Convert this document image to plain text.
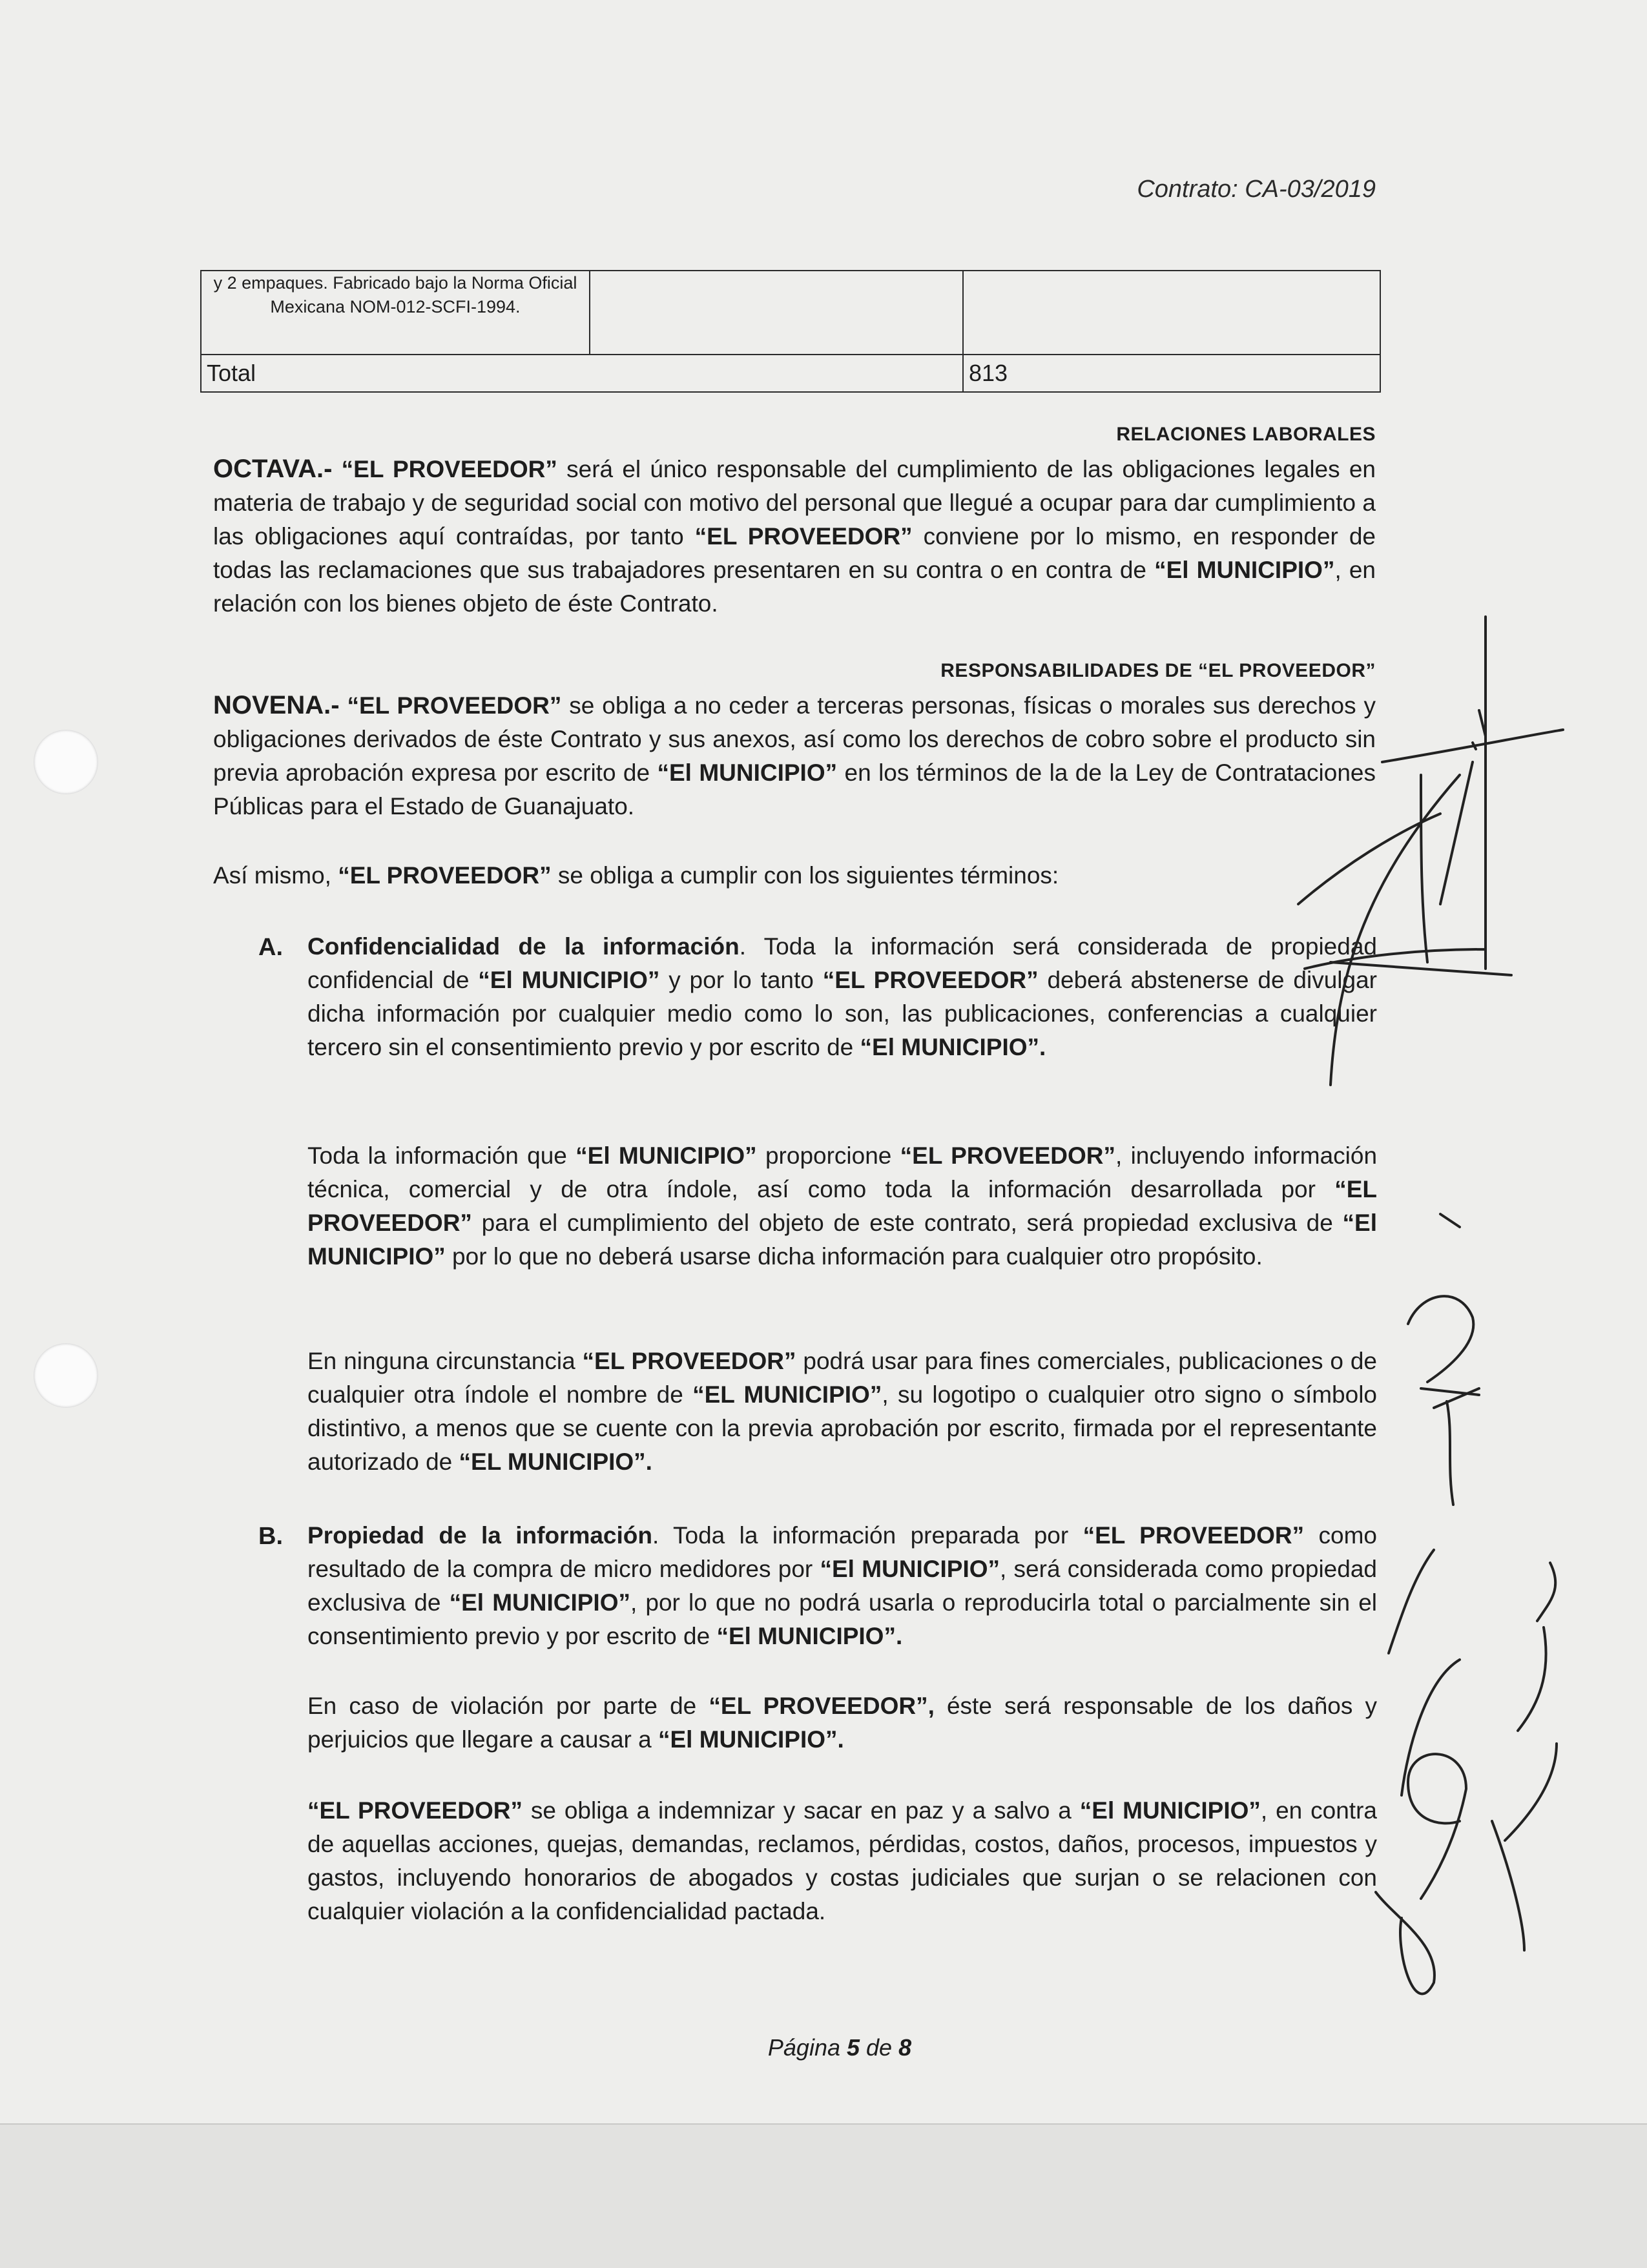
Contrato: CA-03/2019
y 2 empaques. Fabricado bajo la Norma Oficial Mexicana NOM-012-SCFI-1994.		
Total		813
RELACIONES LABORALES

OCTAVA.- “EL PROVEEDOR” será el único responsable del cumplimiento de las obligaciones legales en materia de trabajo y de seguridad social con motivo del personal que llegué a ocupar para dar cumplimiento a las obligaciones aquí contraídas, por tanto “EL PROVEEDOR” conviene por lo mismo, en responder de todas las reclamaciones que sus trabajadores presentaren en su contra o en contra de “El MUNICIPIO”, en relación con los bienes objeto de éste Contrato.

RESPONSABILIDADES DE “EL PROVEEDOR”

NOVENA.- “EL PROVEEDOR” se obliga a no ceder a terceras personas, físicas o morales sus derechos y obligaciones derivados de éste Contrato y sus anexos, así como los derechos de cobro sobre el producto sin previa aprobación expresa por escrito de “El MUNICIPIO” en los términos de la de la Ley de Contrataciones Públicas para el Estado de Guanajuato.

Así mismo, “EL PROVEEDOR” se obliga a cumplir con los siguientes términos:

A. Confidencialidad de la información. Toda la información será considerada de propiedad confidencial de “El MUNICIPIO” y por lo tanto “EL PROVEEDOR” deberá abstenerse de divulgar dicha información por cualquier medio como lo son, las publicaciones, conferencias a cualquier tercero sin el consentimiento previo y por escrito de “El MUNICIPIO”.

Toda la información que “El MUNICIPIO” proporcione “EL PROVEEDOR”, incluyendo información técnica, comercial y de otra índole, así como toda la información desarrollada por “EL PROVEEDOR” para el cumplimiento del objeto de este contrato, será propiedad exclusiva de “El MUNICIPIO” por lo que no deberá usarse dicha información para cualquier otro propósito.

En ninguna circunstancia “EL PROVEEDOR” podrá usar para fines comerciales, publicaciones o de cualquier otra índole el nombre de “EL MUNICIPIO”, su logotipo o cualquier otro signo o símbolo distintivo, a menos que se cuente con la previa aprobación por escrito, firmada por el representante autorizado de “EL MUNICIPIO”.

B. Propiedad de la información. Toda la información preparada por “EL PROVEEDOR” como resultado de la compra de micro medidores por “El MUNICIPIO”, será considerada como propiedad exclusiva de “El MUNICIPIO”, por lo que no podrá usarla o reproducirla total o parcialmente sin el consentimiento previo y por escrito de “El MUNICIPIO”.

En caso de violación por parte de “EL PROVEEDOR”, éste será responsable de los daños y perjuicios que llegare a causar a “El MUNICIPIO”.

“EL PROVEEDOR” se obliga a indemnizar y sacar en paz y a salvo a “El MUNICIPIO”, en contra de aquellas acciones, quejas, demandas, reclamos, pérdidas, costos, daños, procesos, impuestos y gastos, incluyendo honorarios de abogados y costas judiciales que surjan o se relacionen con cualquier violación a la confidencialidad pactada.

Página 5 de 8
